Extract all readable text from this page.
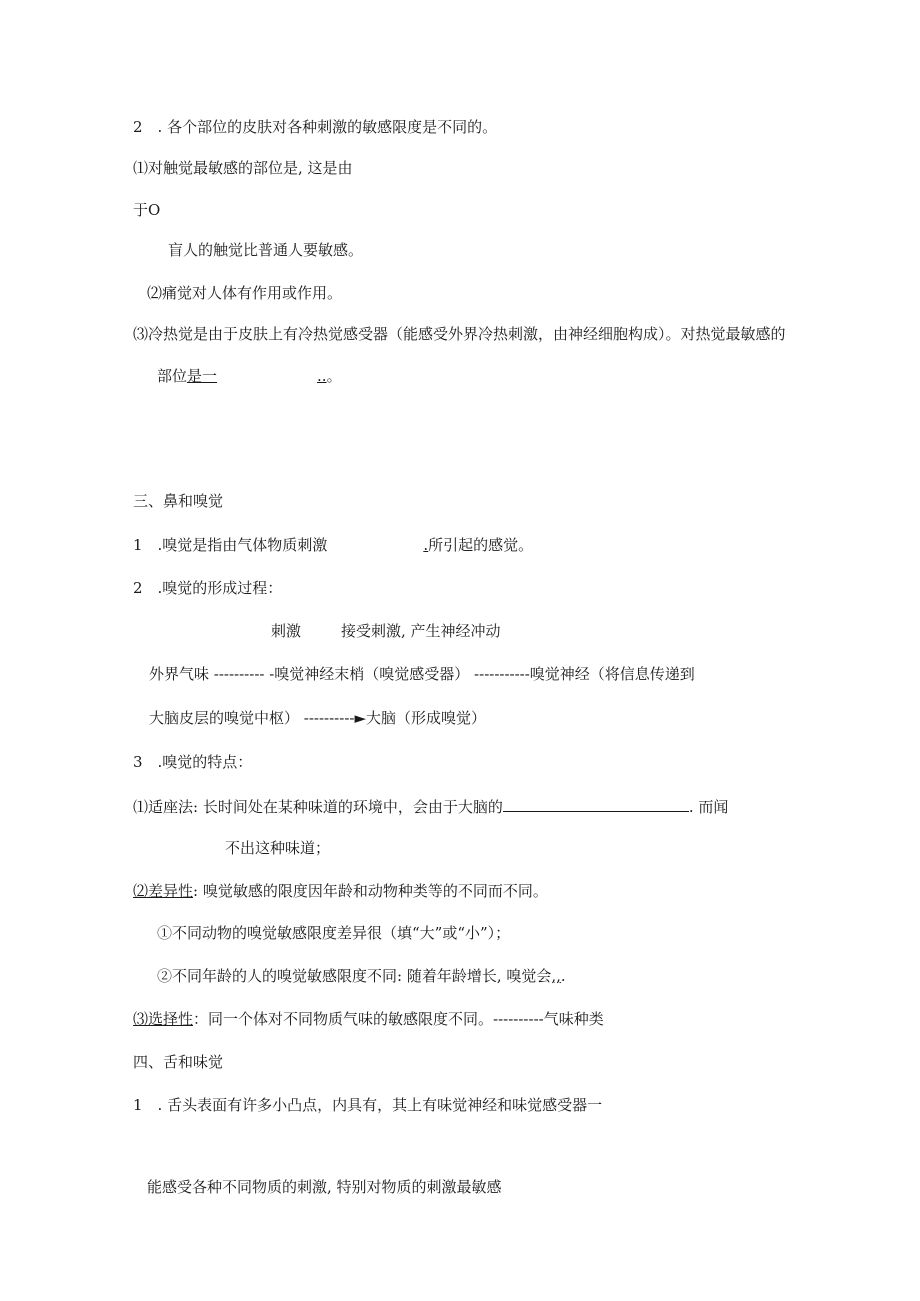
2　. 各个部位的皮肤对各种刺激的敏感限度是不同的。
⑴对触觉最敏感的部位是, 这是由
于O
盲人的触觉比普通人要敏感。
⑵痛觉对人体有作用或作用。
⑶冷热觉是由于皮肤上有冷热觉感受器（能感受外界冷热刺激，由神经细胞构成）。对热觉最敏感的
部位是一	..。
三、鼻和嗅觉
1　.嗅觉是指由气体物质刺激	.所引起的感觉。
2　.嗅觉的形成过程：
刺激	接受刺激, 产生神经冲动
外界气味 ---------- -嗅觉神经末梢（嗅觉感受器） -----------嗅觉神经（将信息传递到
大脑皮层的嗅觉中枢） ----------►大脑（形成嗅觉）
3　.嗅觉的特点：
⑴适座法: 长时间处在某种味道的环境中，会由于大脑的	. 而闻
不出这种味道；
⑵差异性: 嗅觉敏感的限度因年龄和动物种类等的不同而不同。
①不同动物的嗅觉敏感限度差异很（填“大”或“小”）；
②不同年龄的人的嗅觉敏感限度不同: 随着年龄增长, 嗅觉会,,.
⑶选择性：同一个体对不同物质气味的敏感限度不同。----------气味种类
四、舌和味觉
1　. 舌头表面有许多小凸点，内具有，其上有味觉神经和味觉感受器一
能感受各种不同物质的刺激, 特别对物质的刺激最敏感
